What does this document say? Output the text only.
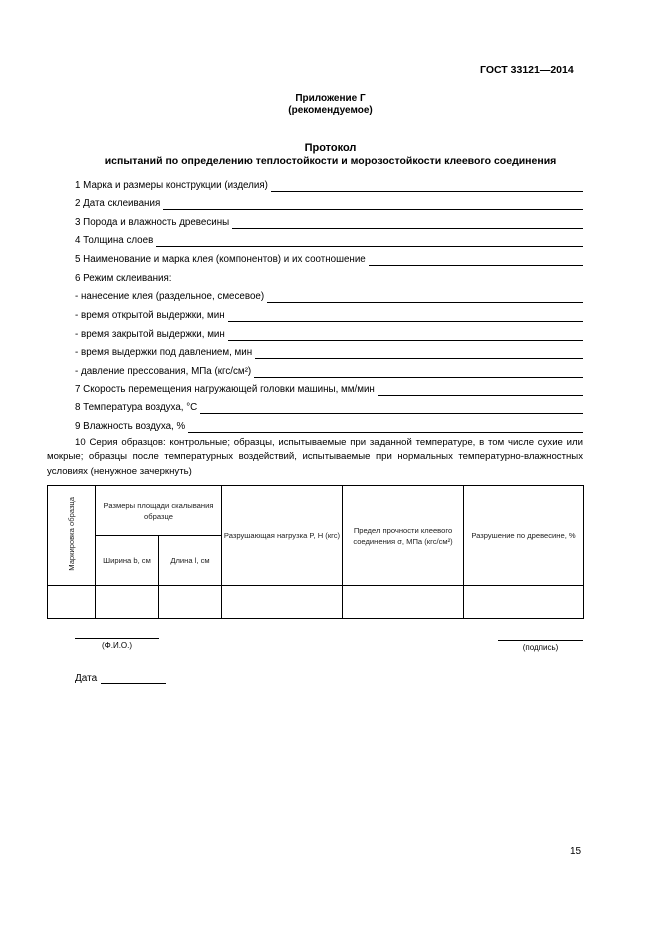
ГОСТ 33121—2014
Приложение Г
(рекомендуемое)
Протокол
испытаний по определению теплостойкости и морозостойкости клеевого соединения
1 Марка и размеры конструкции (изделия)
2 Дата склеивания
3 Порода и влажность древесины
4 Толщина слоев
5 Наименование и марка клея (компонентов) и их соотношение
6 Режим склеивания:
- нанесение клея (раздельное, смесевое)
- время открытой выдержки, мин
- время закрытой выдержки, мин
- время выдержки под давлением, мин
- давление прессования, МПа (кгс/см²)
7 Скорость перемещения нагружающей головки машины, мм/мин
8 Температура воздуха, °С
9 Влажность воздуха, %
10 Серия образцов: контрольные; образцы, испытываемые при заданной температуре, в том числе сухие или мокрые; образцы после температурных воздействий, испытываемые при нормальных температурно-влажностных условиях (ненужное зачеркнуть)
Маркировка образца	Размеры площади скалывания образце		Разрушающая нагрузка P, Н (кгс)	Предел прочности клеевого соединения σ, МПа (кгс/см²)	Разрушение по древесине, %
	Ширина b, см	Длина l, см			

(Ф.И.О.)	(подпись)
Дата
15
